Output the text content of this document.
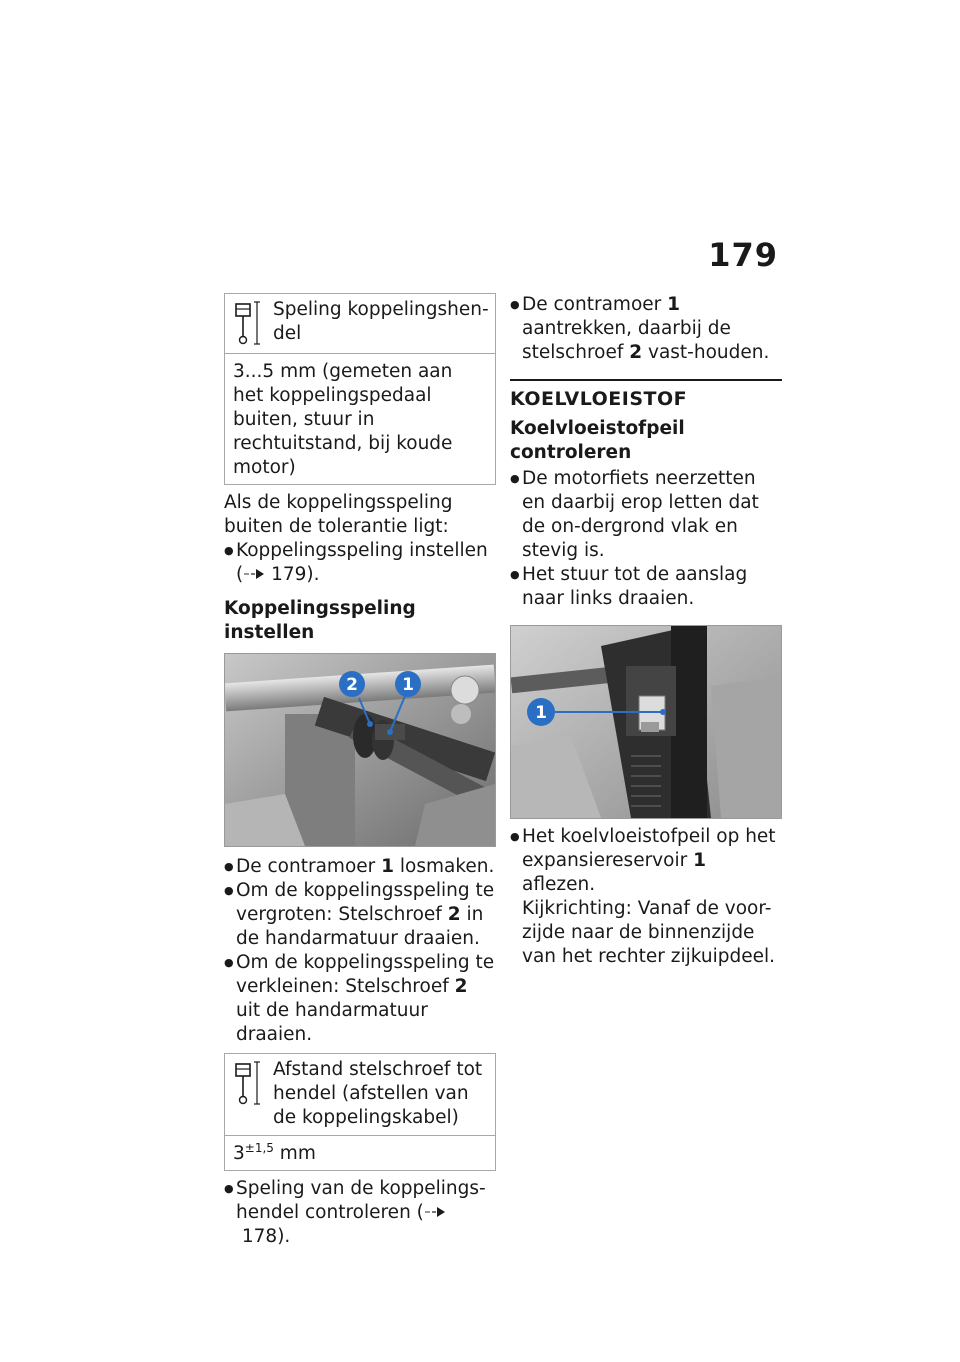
179
Speling koppelingshen-del
3...5 mm (gemeten aan het koppelingspedaal buiten, stuur in rechtuitstand, bij koude motor)

Als de koppelingsspeling buiten de tolerantie ligt:

● Koppelingsspeling instellen
( 179).
Koppelingsspeling instellen
2	1
● De contramoer 1 losmaken.
● Om de koppelingsspeling te vergroten: Stelschroef 2 in de handarmatuur draaien.
● Om de koppelingsspeling te verkleinen: Stelschroef 2 uit de handarmatuur draaien.
Afstand stelschroef tot hendel (afstellen van de koppelingskabel)
$3^{\pm 1,5}$ mm
● Speling van de koppelings-hendel controleren ( 178).
● De contramoer 1 aantrekken, daarbij de stelschroef 2 vast-houden.
KOELVLOEISTOF
Koelvloeistofpeil controleren
● De motorfiets neerzetten en daarbij erop letten dat de on-dergrond vlak en stevig is.
● Het stuur tot de aanslag naar links draaien.
1
● Het koelvloeistofpeil op het expansiereservoir 1 aflezen.

Kijkrichting: Vanaf de voor-zijde naar de binnenzijde van het rechter zijkuipdeel.
